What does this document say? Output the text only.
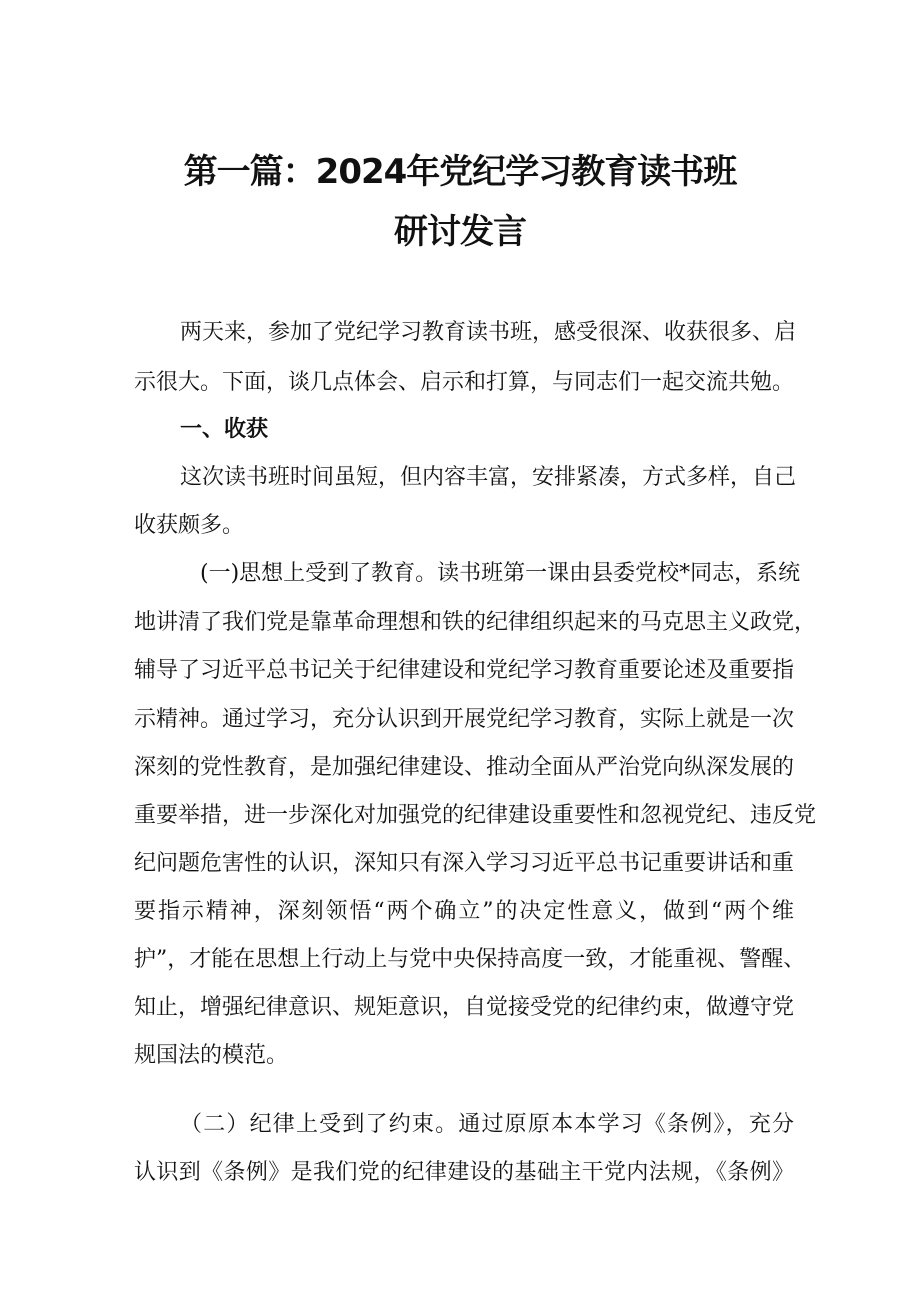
第一篇：2024年党纪学习教育读书班
研讨发言
两天来，参加了党纪学习教育读书班，感受很深、收获很多、启
示很大。下面，谈几点体会、启示和打算，与同志们一起交流共勉。
一、收获
这次读书班时间虽短，但内容丰富，安排紧凑，方式多样，自己
收获颇多。
(一)思想上受到了教育。读书班第一课由县委党校*同志，系统
地讲清了我们党是靠革命理想和铁的纪律组织起来的马克思主义政党，
辅导了习近平总书记关于纪律建设和党纪学习教育重要论述及重要指
示精神。通过学习，充分认识到开展党纪学习教育，实际上就是一次
深刻的党性教育，是加强纪律建设、推动全面从严治党向纵深发展的
重要举措，进一步深化对加强党的纪律建设重要性和忽视党纪、违反党
纪问题危害性的认识，深知只有深入学习习近平总书记重要讲话和重
要指示精神，深刻领悟“两个确立”的决定性意义，做到“两个维
护”，才能在思想上行动上与党中央保持高度一致，才能重视、警醒、
知止，增强纪律意识、规矩意识，自觉接受党的纪律约束，做遵守党
规国法的模范。
（二）纪律上受到了约束。通过原原本本学习《条例》，充分
认识到《条例》是我们党的纪律建设的基础主干党内法规，《条例》
